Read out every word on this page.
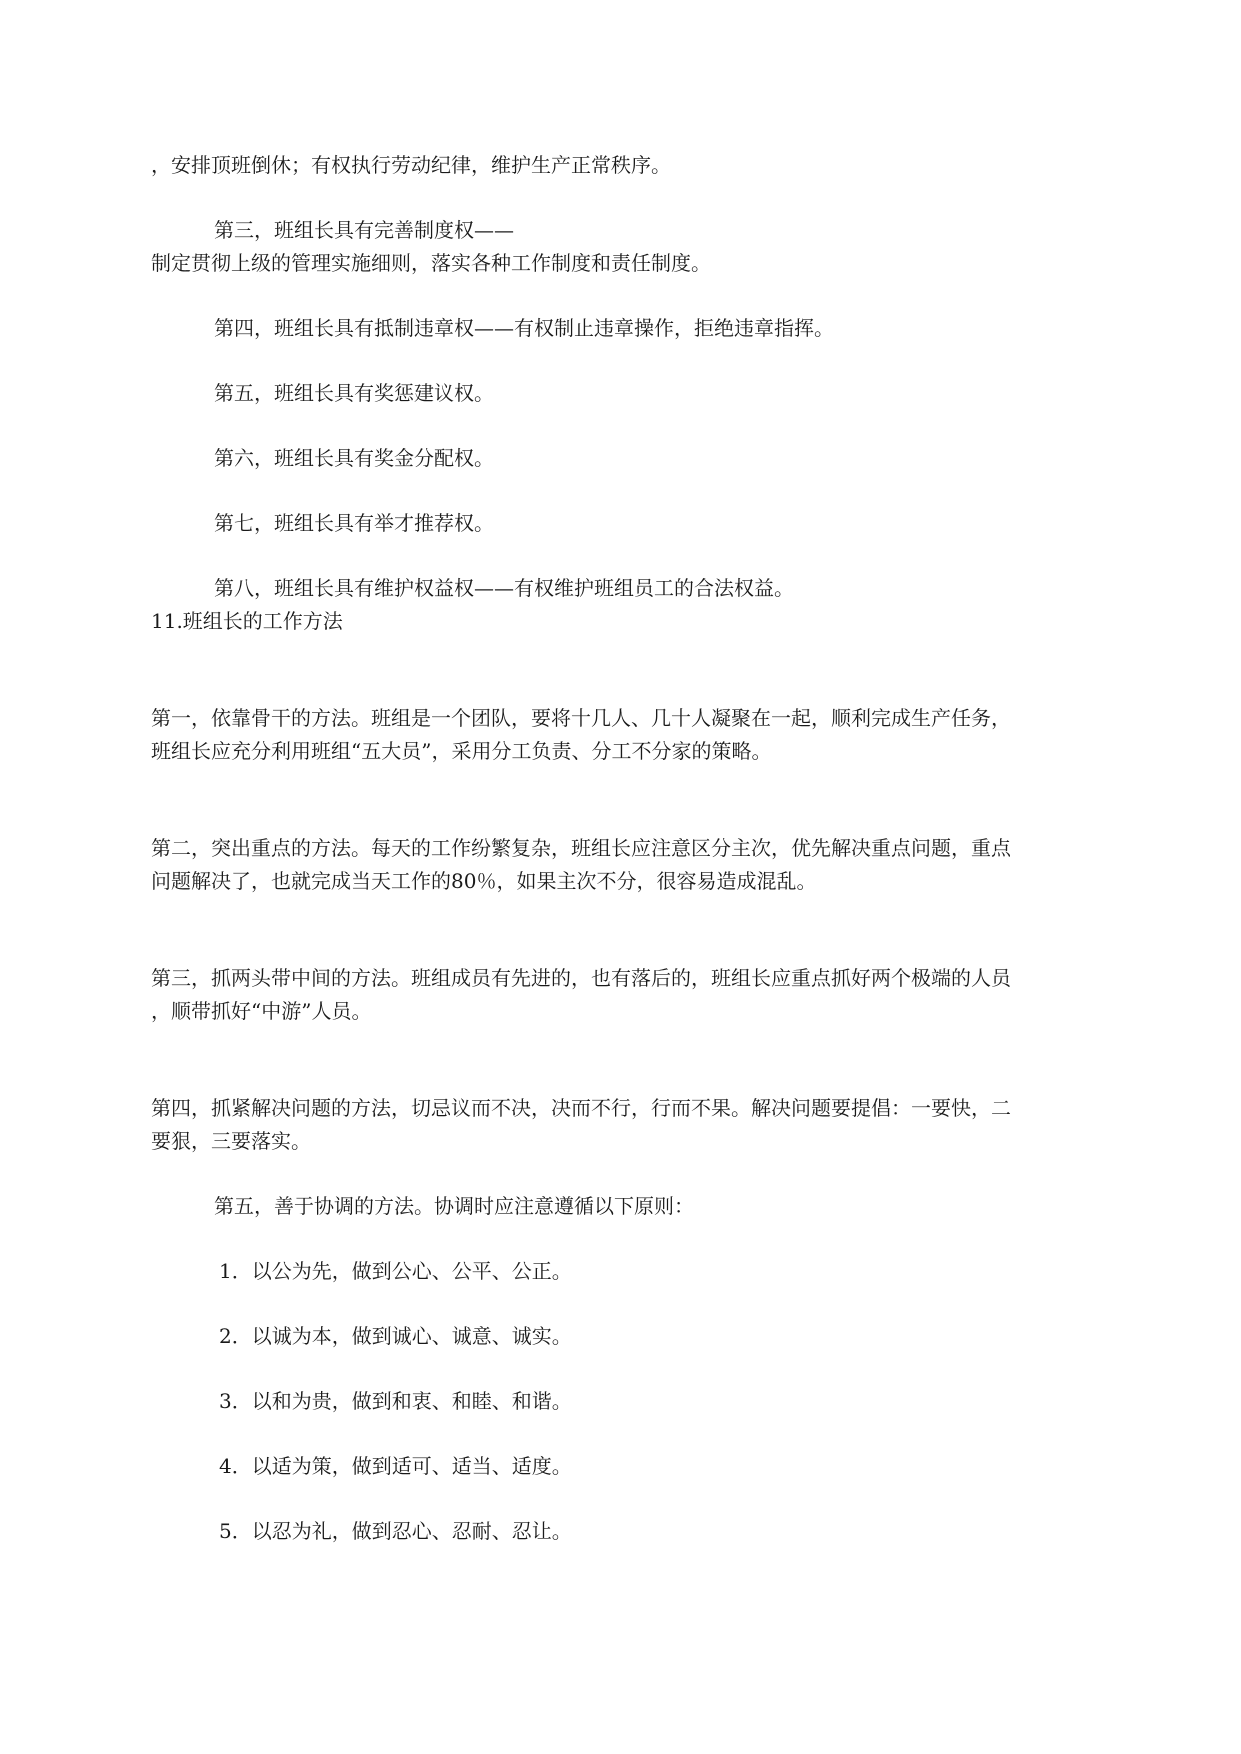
，安排顶班倒休；有权执行劳动纪律，维护生产正常秩序。
第三，班组长具有完善制度权——
制定贯彻上级的管理实施细则，落实各种工作制度和责任制度。
第四，班组长具有抵制违章权——有权制止违章操作，拒绝违章指挥。
第五，班组长具有奖惩建议权。
第六，班组长具有奖金分配权。
第七，班组长具有举才推荐权。
第八，班组长具有维护权益权——有权维护班组员工的合法权益。
11.班组长的工作方法
第一，依靠骨干的方法。班组是一个团队，要将十几人、几十人凝聚在一起，顺利完成生产任务，
班组长应充分利用班组“五大员”，采用分工负责、分工不分家的策略。
第二，突出重点的方法。每天的工作纷繁复杂，班组长应注意区分主次，优先解决重点问题，重点
问题解决了，也就完成当天工作的80％，如果主次不分，很容易造成混乱。
第三，抓两头带中间的方法。班组成员有先进的，也有落后的，班组长应重点抓好两个极端的人员
，顺带抓好“中游”人员。
第四，抓紧解决问题的方法，切忌议而不决，决而不行，行而不果。解决问题要提倡：一要快，二
要狠，三要落实。
第五，善于协调的方法。协调时应注意遵循以下原则：
1．以公为先，做到公心、公平、公正。
2．以诚为本，做到诚心、诚意、诚实。
3．以和为贵，做到和衷、和睦、和谐。
4．以适为策，做到适可、适当、适度。
5．以忍为礼，做到忍心、忍耐、忍让。
